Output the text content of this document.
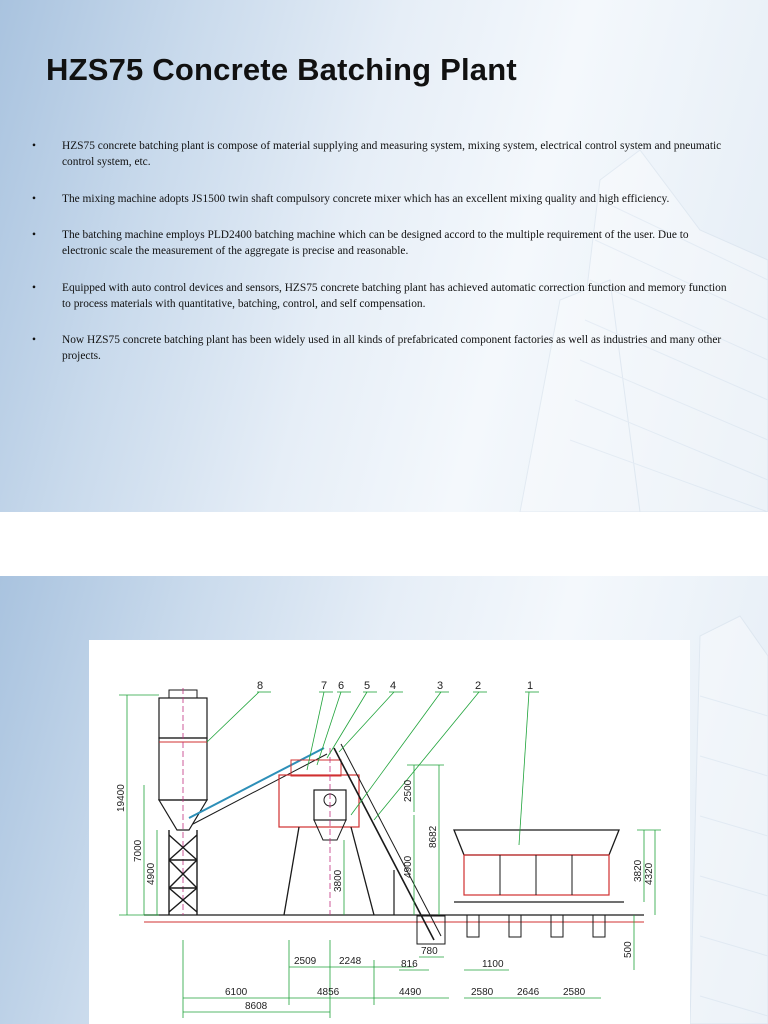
HZS75 Concrete Batching Plant
• HZS75 concrete batching plant is compose of material supplying and measuring system, mixing system, electrical control system and pneumatic control system, etc.
• The mixing machine adopts JS1500 twin shaft compulsory concrete mixer which has an excellent mixing quality and high efficiency.
• The batching machine employs PLD2400 batching machine which can be designed accord to the multiple requirement of the user. Due to electronic scale the measurement of the aggregate is precise and reasonable.
• Equipped with auto control devices and sensors, HZS75 concrete batching plant has achieved automatic correction function and memory function to process materials with quantitative, batching, control, and self compensation.
• Now HZS75 concrete batching plant has been widely used in all kinds of prefabricated component factories as well as industries and many other projects.
8	7 6 5 4	3	2	1
19400
7000
4900	3800
4900
2500
8682
3820 4320
500
2509 2248
780
816	1100
6100	4856	4490	2580 2646 2580
8608
